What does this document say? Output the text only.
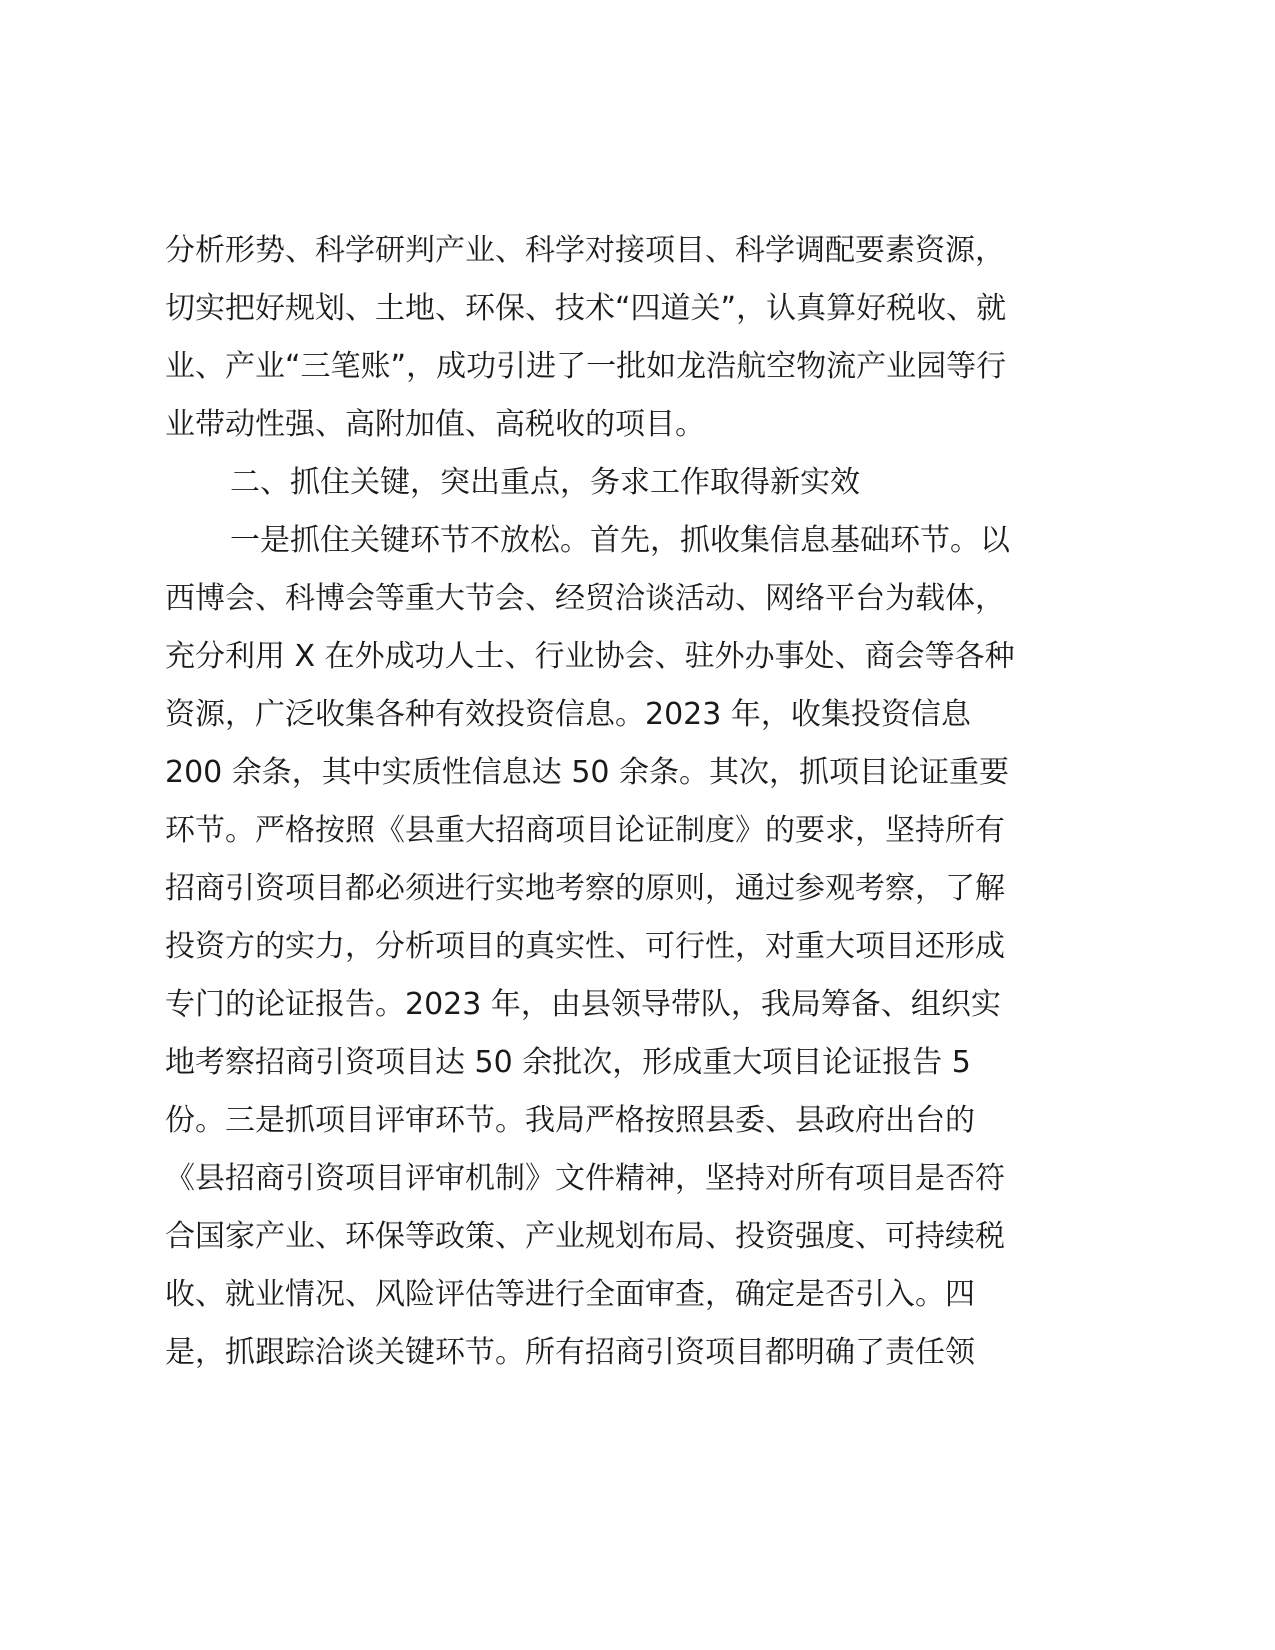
分析形势、科学研判产业、科学对接项目、科学调配要素资源，
切实把好规划、土地、环保、技术“四道关”，认真算好税收、就
业、产业“三笔账”，成功引进了一批如龙浩航空物流产业园等行
业带动性强、高附加值、高税收的项目。
二、抓住关键，突出重点，务求工作取得新实效
一是抓住关键环节不放松。首先，抓收集信息基础环节。以
西博会、科博会等重大节会、经贸洽谈活动、网络平台为载体，
充分利用 X 在外成功人士、行业协会、驻外办事处、商会等各种
资源，广泛收集各种有效投资信息。2023 年，收集投资信息
200 余条，其中实质性信息达 50 余条。其次，抓项目论证重要
环节。严格按照《县重大招商项目论证制度》的要求，坚持所有
招商引资项目都必须进行实地考察的原则，通过参观考察，了解
投资方的实力，分析项目的真实性、可行性，对重大项目还形成
专门的论证报告。2023 年，由县领导带队，我局筹备、组织实
地考察招商引资项目达 50 余批次，形成重大项目论证报告 5
份。三是抓项目评审环节。我局严格按照县委、县政府出台的
《县招商引资项目评审机制》文件精神，坚持对所有项目是否符
合国家产业、环保等政策、产业规划布局、投资强度、可持续税
收、就业情况、风险评估等进行全面审查，确定是否引入。四
是，抓跟踪洽谈关键环节。所有招商引资项目都明确了责任领
